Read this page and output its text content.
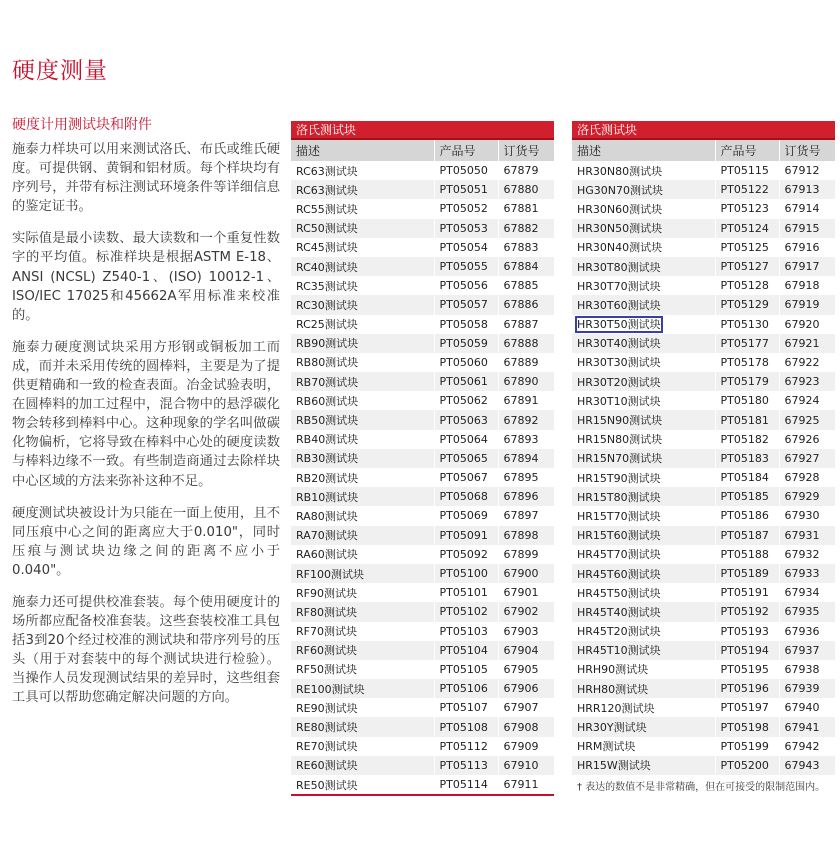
硬度测量
硬度计用测试块和附件

施泰力样块可以用来测试洛氏、布氏或维氏硬度。可提供钢、黄铜和铝材质。每个样块均有序列号，并带有标注测试环境条件等详细信息的鉴定证书。

实际值是最小读数、最大读数和一个重复性数字的平均值。标准样块是根据ASTM E-18、ANSI (NCSL) Z540-1、(ISO) 10012-1、ISO/IEC 17025和45662A军用标准来校准的。

施泰力硬度测试块采用方形钢或铜板加工而成，而并未采用传统的圆棒料，主要是为了提供更精确和一致的检查表面。冶金试验表明，在圆棒料的加工过程中，混合物中的悬浮碳化物会转移到棒料中心。这种现象的学名叫做碳化物偏析，它将导致在棒料中心处的硬度读数与棒料边缘不一致。有些制造商通过去除样块中心区域的方法来弥补这种不足。

硬度测试块被设计为只能在一面上使用，且不同压痕中心之间的距离应大于0.010"，同时压痕与测试块边缘之间的距离不应小于0.040"。

施泰力还可提供校准套装。每个使用硬度计的场所都应配备校准套装。这些套装校准工具包括3到20个经过校准的测试块和带序列号的压头（用于对套装中的每个测试块进行检验）。当操作人员发现测试结果的差异时，这些组套工具可以帮助您确定解决问题的方向。

洛氏测试块
描述	产品号	订货号
RC63测试块	PT05050	67879
RC63测试块	PT05051	67880
RC55测试块	PT05052	67881
RC50测试块	PT05053	67882
RC45测试块	PT05054	67883
RC40测试块	PT05055	67884
RC35测试块	PT05056	67885
RC30测试块	PT05057	67886
RC25测试块	PT05058	67887
RB90测试块	PT05059	67888
RB80测试块	PT05060	67889
RB70测试块	PT05061	67890
RB60测试块	PT05062	67891
RB50测试块	PT05063	67892
RB40测试块	PT05064	67893
RB30测试块	PT05065	67894
RB20测试块	PT05067	67895
RB10测试块	PT05068	67896
RA80测试块	PT05069	67897
RA70测试块	PT05091	67898
RA60测试块	PT05092	67899
RF100测试块	PT05100	67900
RF90测试块	PT05101	67901
RF80测试块	PT05102	67902
RF70测试块	PT05103	67903
RF60测试块	PT05104	67904
RF50测试块	PT05105	67905
RE100测试块	PT05106	67906
RE90测试块	PT05107	67907
RE80测试块	PT05108	67908
RE70测试块	PT05112	67909
RE60测试块	PT05113	67910
RE50测试块	PT05114	67911
洛氏测试块
描述	产品号	订货号
HR30N80测试块	PT05115	67912
HG30N70测试块	PT05122	67913
HR30N60测试块	PT05123	67914
HR30N50测试块	PT05124	67915
HR30N40测试块	PT05125	67916
HR30T80测试块	PT05127	67917
HR30T70测试块	PT05128	67918
HR30T60测试块	PT05129	67919
HR30T50测试块	PT05130	67920
HR30T40测试块	PT05177	67921
HR30T30测试块	PT05178	67922
HR30T20测试块	PT05179	67923
HR30T10测试块	PT05180	67924
HR15N90测试块	PT05181	67925
HR15N80测试块	PT05182	67926
HR15N70测试块	PT05183	67927
HR15T90测试块	PT05184	67928
HR15T80测试块	PT05185	67929
HR15T70测试块	PT05186	67930
HR15T60测试块	PT05187	67931
HR45T70测试块	PT05188	67932
HR45T60测试块	PT05189	67933
HR45T50测试块	PT05191	67934
HR45T40测试块	PT05192	67935
HR45T20测试块	PT05193	67936
HR45T10测试块	PT05194	67937
HRH90测试块	PT05195	67938
HRH80测试块	PT05196	67939
HRR120测试块	PT05197	67940
HR30Y测试块	PT05198	67941
HRM测试块	PT05199	67942
HR15W测试块	PT05200	67943

† 表达的数值不是非常精确，但在可接受的限制范围内。
